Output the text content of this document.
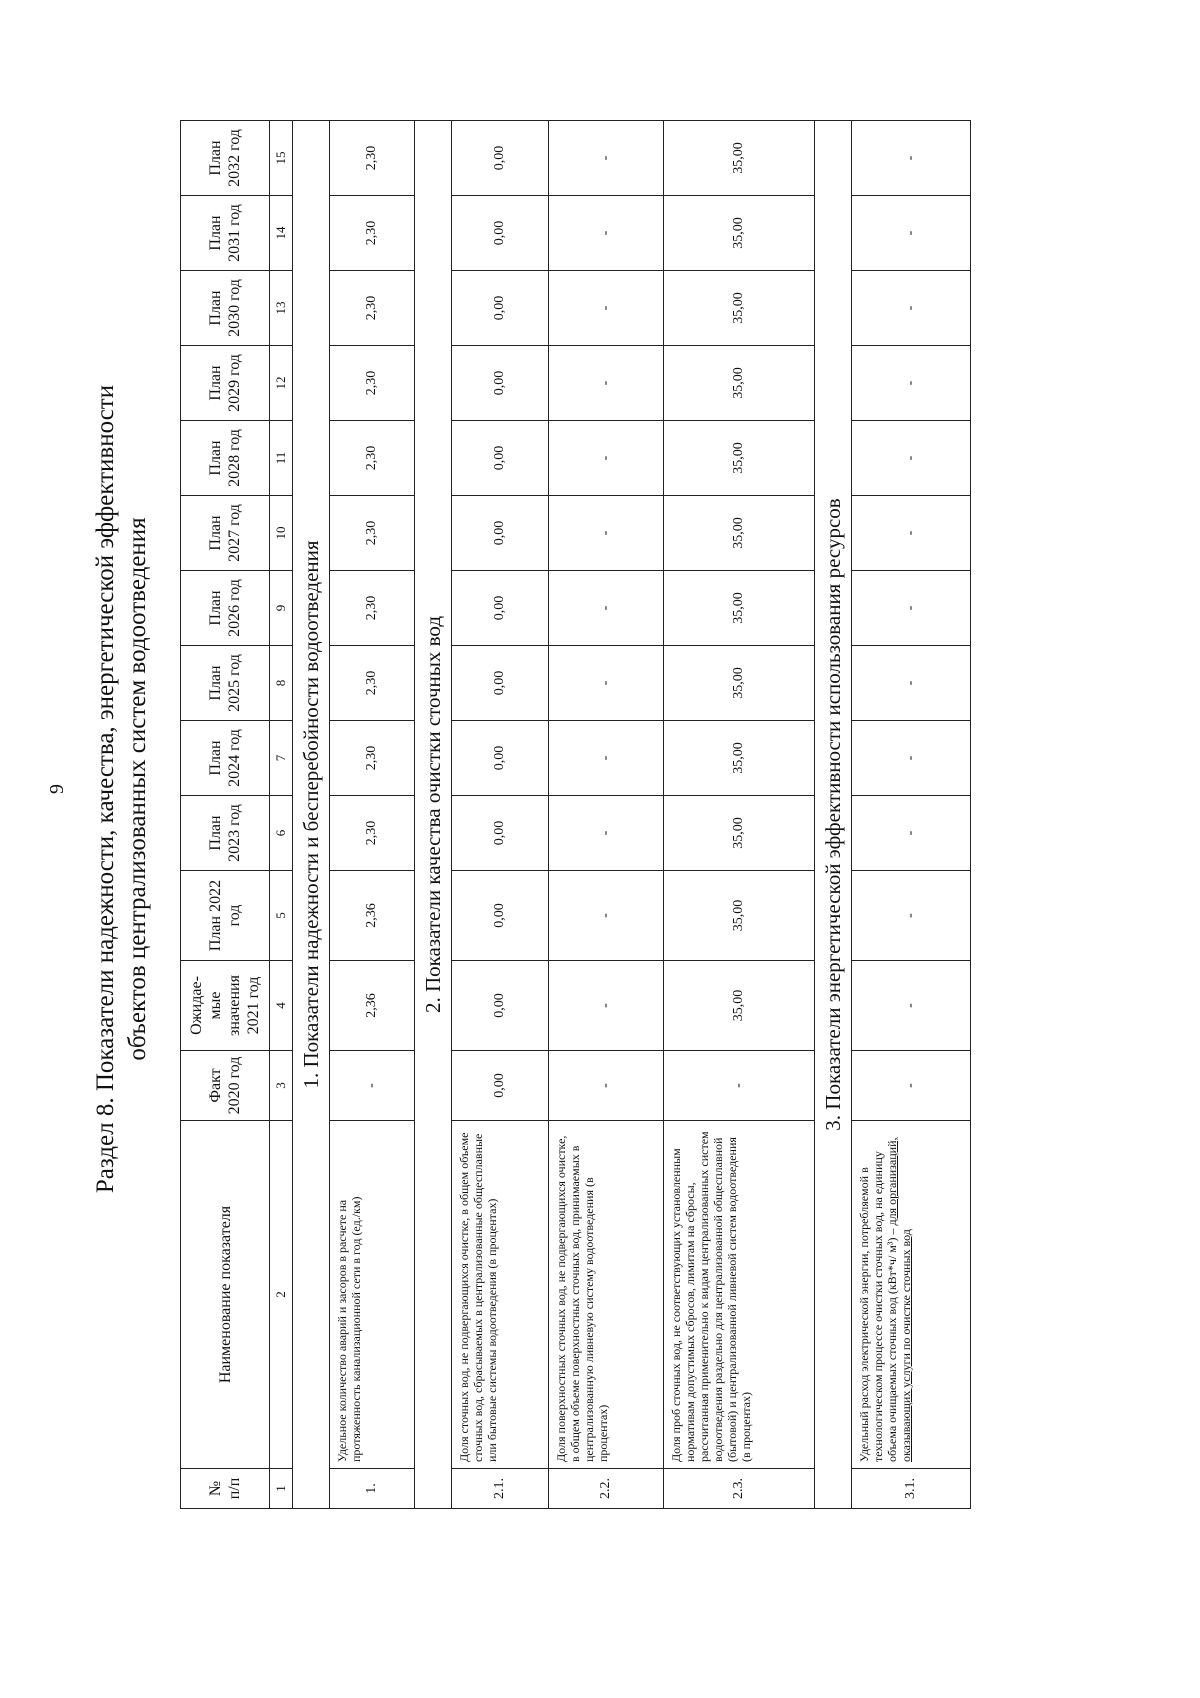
9 Раздел 8. Показатели надежности, качества, энергетической эффективности объектов централизованных систем водоотведения
№ п/п	Наименование показателя	Факт 2020 год	Ожидае-мые значения 2021 год	План 2022 год	План 2023 год	План 2024 год	План 2025 год	План 2026 год	План 2027 год	План 2028 год	План 2029 год	План 2030 год	План 2031 год	План 2032 год
1	2	3	4	5	6	7	8	9	10	11	12	13	14	15
1. Показатели надежности и бесперебойности водоотведения														
1.	Удельное количество аварий и засоров в расчете на протяженность канализационной сети в год (ед./км)	-	2,36	2,36	2,30	2,30	2,30	2,30	2,30	2,30	2,30	2,30	2,30	2,30
2. Показатели качества очистки сточных вод														
2.1.	Доля сточных вод, не подвергающихся очистке, в общем объеме сточных вод, сбрасываемых в централизованные общесплавные или бытовые системы водоотведения (в процентах)	0,00	0,00	0,00	0,00	0,00	0,00	0,00	0,00	0,00	0,00	0,00	0,00	0,00
2.2.	Доля поверхностных сточных вод, не подвергающихся очистке, в общем объеме поверхностных сточных вод, принимаемых в централизованную ливневую систему водоотведения (в процентах)	-	-	-	-	-	-	-	-	-	-	-	-	-
2.3.	Доля проб сточных вод, не соответствующих установленным нормативам допустимых сбросов, лимитам на сбросы, рассчитанная применительно к видам централизованных систем водоотведения раздельно для централизованной общесплавной (бытовой) и централизованной ливневой систем водоотведения (в процентах)	-	35,00	35,00	35,00	35,00	35,00	35,00	35,00	35,00	35,00	35,00	35,00	35,00
3. Показатели энергетической эффективности использования ресурсов														
3.1.	Удельный расход электрической энергии, потребляемой в технологическом процессе очистки сточных вод, на единицу объема очищаемых сточных вод (кВт*ч/ м³) – для организаций, оказывающих услуги по очистке сточных вод	-	-	-	-	-	-	-	-	-	-	-	-	-
